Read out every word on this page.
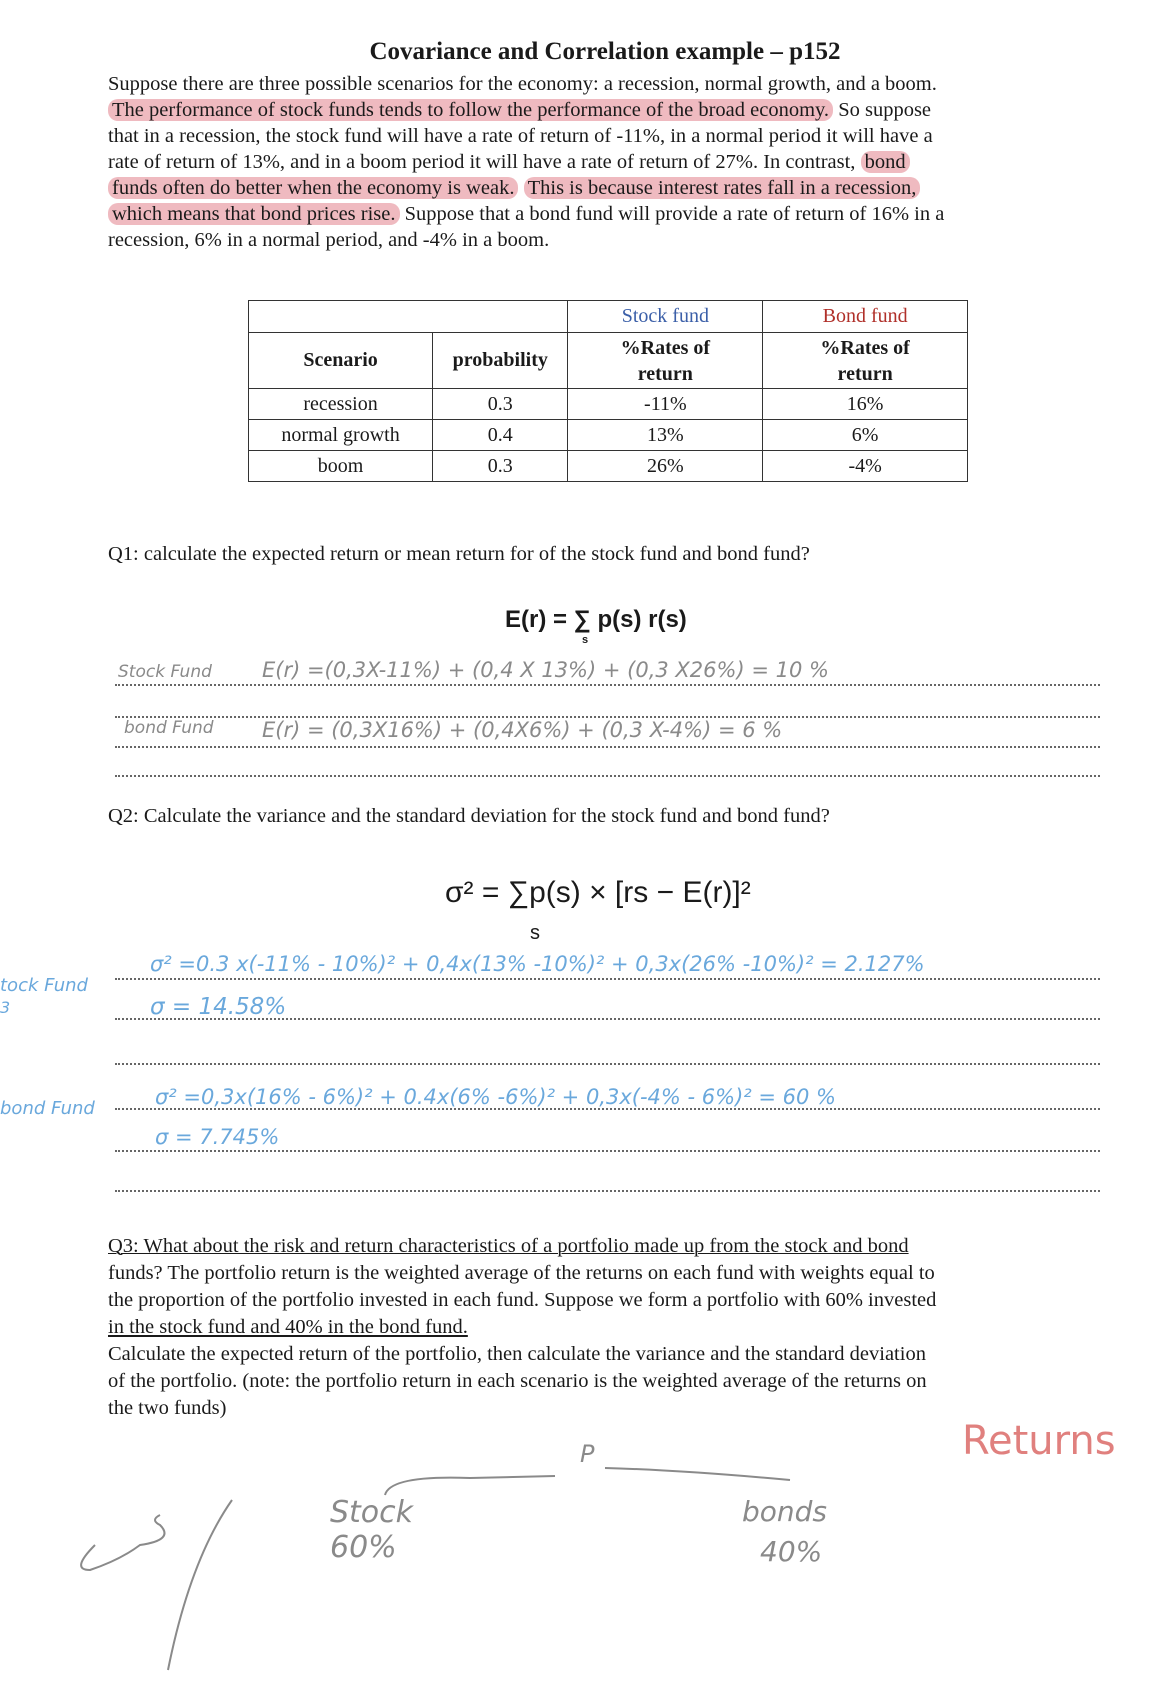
Covariance and Correlation example – p152
Suppose there are three possible scenarios for the economy: a recession, normal growth, and a boom.
The performance of stock funds tends to follow the performance of the broad economy. So suppose
that in a recession, the stock fund will have a rate of return of -11%, in a normal period it will have a
rate of return of 13%, and in a boom period it will have a rate of return of 27%. In contrast, bond
funds often do better when the economy is weak. This is because interest rates fall in a recession,
which means that bond prices rise. Suppose that a bond fund will provide a rate of return of 16% in a
recession, 6% in a normal period, and -4% in a boom.
		Stock fund	Bond fund
Scenario	probability	%Rates of return	%Rates of return

recession	0.3	-11%	16%
normal growth	0.4	13%	6%
boom	0.3	26%	-4%
Q1: calculate the expected return or mean return for of the stock fund and bond fund?
E(r) = ∑ p(s) r(s)
s
Stock Fund E(r) =(0,3X-11%) + (0,4 X 13%) + (0,3 X26%) = 10 %
bond Fund E(r) = (0,3X16%) + (0,4X6%) + (0,3 X-4%) = 6 %
Q2: Calculate the variance and the standard deviation for the stock fund and bond fund?
σ² = ∑p(s) × [rs − E(r)]²
s
tock Fund
3
σ² =0.3 x(-11% - 10%)² + 0,4x(13% -10%)² + 0,3x(26% -10%)² = 2.127%
σ = 14.58%
bond Fund	σ² =0,3x(16% - 6%)² + 0.4x(6% -6%)² + 0,3x(-4% - 6%)² = 60 %
σ = 7.745%
Q3: What about the risk and return characteristics of a portfolio made up from the stock and bond
funds? The portfolio return is the weighted average of the returns on each fund with weights equal to
the proportion of the portfolio invested in each fund. Suppose we form a portfolio with 60% invested
in the stock fund and 40% in the bond fund.
Calculate the expected return of the portfolio, then calculate the variance and the standard deviation
of the portfolio. (note: the portfolio return in each scenario is the weighted average of the returns on
the two funds)
Returns
P
Stock
60%
bonds
40%
